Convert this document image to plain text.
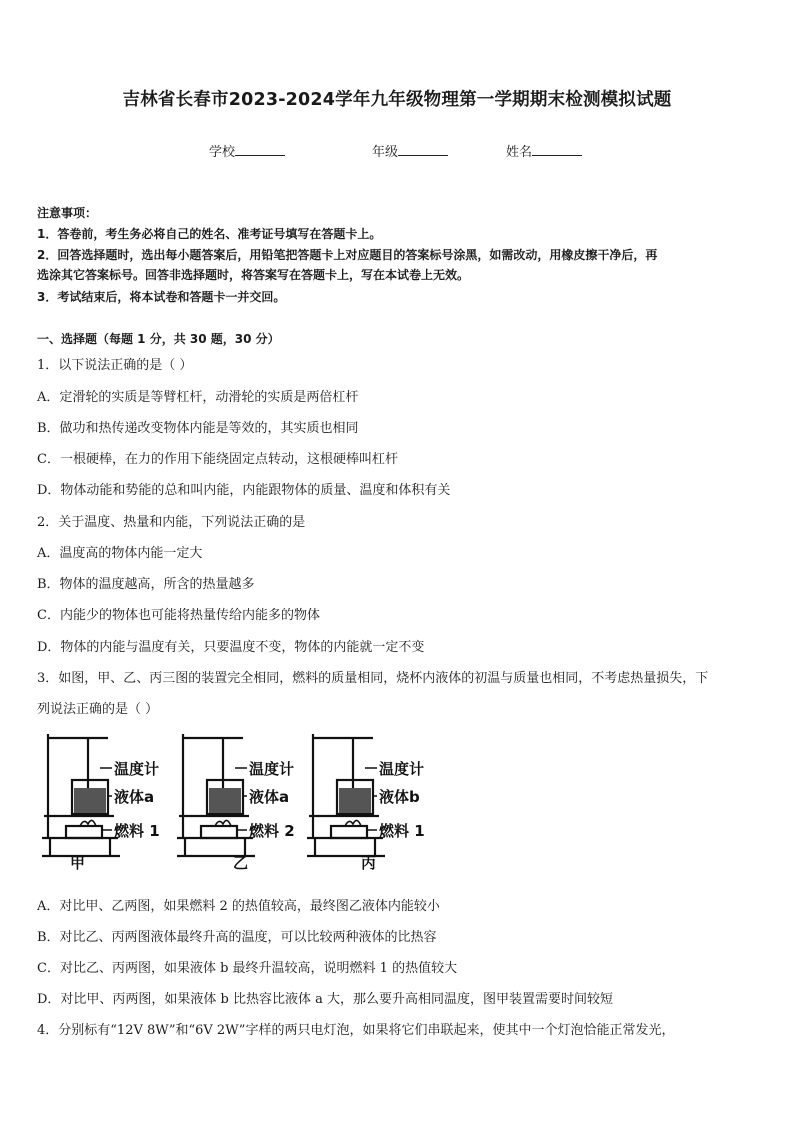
吉林省长春市2023-2024学年九年级物理第一学期期末检测模拟试题
学校	年级	姓名
注意事项：
1．答卷前，考生务必将自己的姓名、准考证号填写在答题卡上。
2．回答选择题时，选出每小题答案后，用铅笔把答题卡上对应题目的答案标号涂黑，如需改动，用橡皮擦干净后，再
选涂其它答案标号。回答非选择题时，将答案写在答题卡上，写在本试卷上无效。
3．考试结束后，将本试卷和答题卡一并交回。
一、选择题（每题 1 分，共 30 题，30 分）
1．以下说法正确的是（ ）
A．定滑轮的实质是等臂杠杆，动滑轮的实质是两倍杠杆
B．做功和热传递改变物体内能是等效的，其实质也相同
C．一根硬棒，在力的作用下能绕固定点转动，这根硬棒叫杠杆
D．物体动能和势能的总和叫内能，内能跟物体的质量、温度和体积有关
2．关于温度、热量和内能，下列说法正确的是
A．温度高的物体内能一定大
B．物体的温度越高，所含的热量越多
C．内能少的物体也可能将热量传给内能多的物体
D．物体的内能与温度有关，只要温度不变，物体的内能就一定不变
3．如图，甲、乙、丙三图的装置完全相同，燃料的质量相同，烧杯内液体的初温与质量也相同，不考虑热量损失，下
列说法正确的是（ ）
温度计
液体a
燃料 1
甲
温度计
液体a
燃料 2
乙
温度计
液体b
燃料 1
丙
A．对比甲、乙两图，如果燃料 2 的热值较高，最终图乙液体内能较小
B．对比乙、丙两图液体最终升高的温度，可以比较两种液体的比热容
C．对比乙、丙两图，如果液体 b 最终升温较高，说明燃料 1 的热值较大
D．对比甲、丙两图，如果液体 b 比热容比液体 a 大，那么要升高相同温度，图甲装置需要时间较短
4．分别标有“12V 8W”和“6V 2W”字样的两只电灯泡，如果将它们串联起来，使其中一个灯泡恰能正常发光，
